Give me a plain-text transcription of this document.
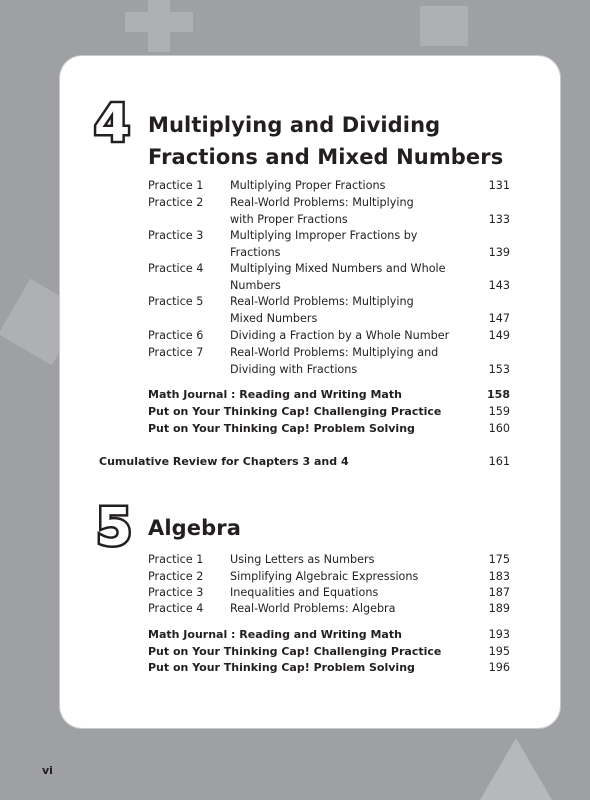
4 Multiplying and Dividing
Fractions and Mixed Numbers
Practice 1 Multiplying Proper Fractions	131
Practice 2 Real-World Problems: Multiplying with Proper Fractions	133
Practice 3 Multiplying Improper Fractions by Fractions	139
Practice 4 Multiplying Mixed Numbers and Whole Numbers	143
Practice 5 Real-World Problems: Multiplying Mixed Numbers	147
Practice 6 Dividing a Fraction by a Whole Number	149
Practice 7 Real-World Problems: Multiplying and Dividing with Fractions	153
Math Journal : Reading and Writing Math	158
Put on Your Thinking Cap! Challenging Practice	159
Put on Your Thinking Cap! Problem Solving	160
Cumulative Review for Chapters 3 and 4	161
5 Algebra
Practice 1 Using Letters as Numbers	175
Practice 2 Simplifying Algebraic Expressions	183
Practice 3 Inequalities and Equations	187
Practice 4 Real-World Problems: Algebra	189
Math Journal : Reading and Writing Math	193
Put on Your Thinking Cap! Challenging Practice	195
Put on Your Thinking Cap! Problem Solving	196
vi
